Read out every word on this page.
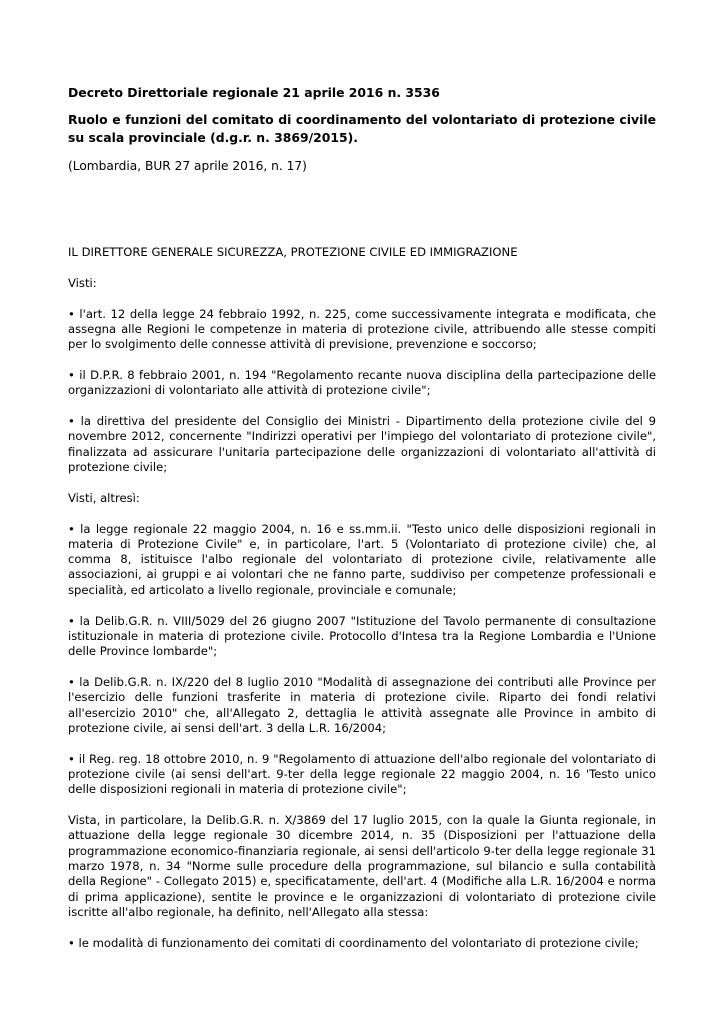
Decreto Direttoriale regionale 21 aprile 2016 n. 3536
Ruolo e funzioni del comitato di coordinamento del volontariato di protezione civile su scala provinciale (d.g.r. n. 3869/2015).
(Lombardia, BUR 27 aprile 2016, n. 17)
IL DIRETTORE GENERALE SICUREZZA, PROTEZIONE CIVILE ED IMMIGRAZIONE
Visti:
• l'art. 12 della legge 24 febbraio 1992, n. 225, come successivamente integrata e modificata, che assegna alle Regioni le competenze in materia di protezione civile, attribuendo alle stesse compiti per lo svolgimento delle connesse attività di previsione, prevenzione e soccorso;
• il D.P.R. 8 febbraio 2001, n. 194 "Regolamento recante nuova disciplina della partecipazione delle organizzazioni di volontariato alle attività di protezione civile";
• la direttiva del presidente del Consiglio dei Ministri - Dipartimento della protezione civile del 9 novembre 2012, concernente "Indirizzi operativi per l'impiego del volontariato di protezione civile", finalizzata ad assicurare l'unitaria partecipazione delle organizzazioni di volontariato all'attività di protezione civile;
Visti, altresì:
• la legge regionale 22 maggio 2004, n. 16 e ss.mm.ii. "Testo unico delle disposizioni regionali in materia di Protezione Civile" e, in particolare, l'art. 5 (Volontariato di protezione civile) che, al comma 8, istituisce l'albo regionale del volontariato di protezione civile, relativamente alle associazioni, ai gruppi e ai volontari che ne fanno parte, suddiviso per competenze professionali e specialità, ed articolato a livello regionale, provinciale e comunale;
• la Delib.G.R. n. VIII/5029 del 26 giugno 2007 "Istituzione del Tavolo permanente di consultazione istituzionale in materia di protezione civile. Protocollo d'Intesa tra la Regione Lombardia e l'Unione delle Province lombarde";
• la Delib.G.R. n. IX/220 del 8 luglio 2010 "Modalità di assegnazione dei contributi alle Province per l'esercizio delle funzioni trasferite in materia di protezione civile. Riparto dei fondi relativi all'esercizio 2010" che, all'Allegato 2, dettaglia le attività assegnate alle Province in ambito di protezione civile, ai sensi dell'art. 3 della L.R. 16/2004;
• il Reg. reg. 18 ottobre 2010, n. 9 "Regolamento di attuazione dell'albo regionale del volontariato di protezione civile (ai sensi dell'art. 9-ter della legge regionale 22 maggio 2004, n. 16 'Testo unico delle disposizioni regionali in materia di protezione civile";
Vista, in particolare, la Delib.G.R. n. X/3869 del 17 luglio 2015, con la quale la Giunta regionale, in attuazione della legge regionale 30 dicembre 2014, n. 35 (Disposizioni per l'attuazione della programmazione economico-finanziaria regionale, ai sensi dell'articolo 9-ter della legge regionale 31 marzo 1978, n. 34 "Norme sulle procedure della programmazione, sul bilancio e sulla contabilità della Regione" - Collegato 2015) e, specificatamente, dell'art. 4 (Modifiche alla L.R. 16/2004 e norma di prima applicazione), sentite le province e le organizzazioni di volontariato di protezione civile iscritte all'albo regionale, ha definito, nell'Allegato alla stessa:
• le modalità di funzionamento dei comitati di coordinamento del volontariato di protezione civile;
